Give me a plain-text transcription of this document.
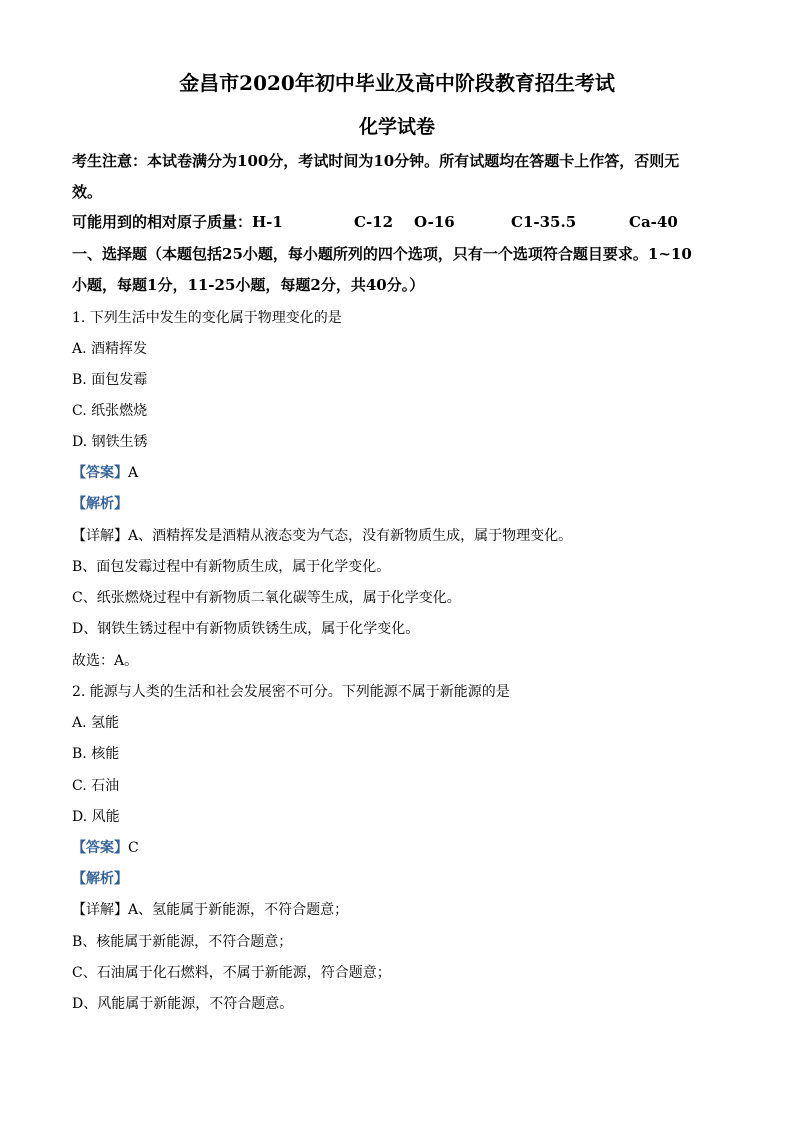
金昌市2020年初中毕业及高中阶段教育招生考试
化学试卷
考生注意：本试卷满分为100分，考试时间为10分钟。所有试题均在答题卡上作答，否则无
效。
可能用到的相对原子质量：H-1	C-12 O-16	C1-35.5	Ca-40
一、选择题（本题包括25小题，每小题所列的四个选项，只有一个选项符合题目要求。1~10
小题，每题1分，11-25小题，每题2分，共40分。）
1. 下列生活中发生的变化属于物理变化的是
A. 酒精挥发
B. 面包发霉
C. 纸张燃烧
D. 钢铁生锈
【答案】A
【解析】
【详解】A、酒精挥发是酒精从液态变为气态，没有新物质生成，属于物理变化。
B、面包发霉过程中有新物质生成，属于化学变化。
C、纸张燃烧过程中有新物质二氧化碳等生成，属于化学变化。
D、钢铁生锈过程中有新物质铁锈生成，属于化学变化。
故选：A。
2. 能源与人类的生活和社会发展密不可分。下列能源不属于新能源的是
A. 氢能
B. 核能
C. 石油
D. 风能
【答案】C
【解析】
【详解】A、氢能属于新能源，不符合题意；
B、核能属于新能源，不符合题意；
C、石油属于化石燃料，不属于新能源，符合题意；
D、风能属于新能源，不符合题意。
